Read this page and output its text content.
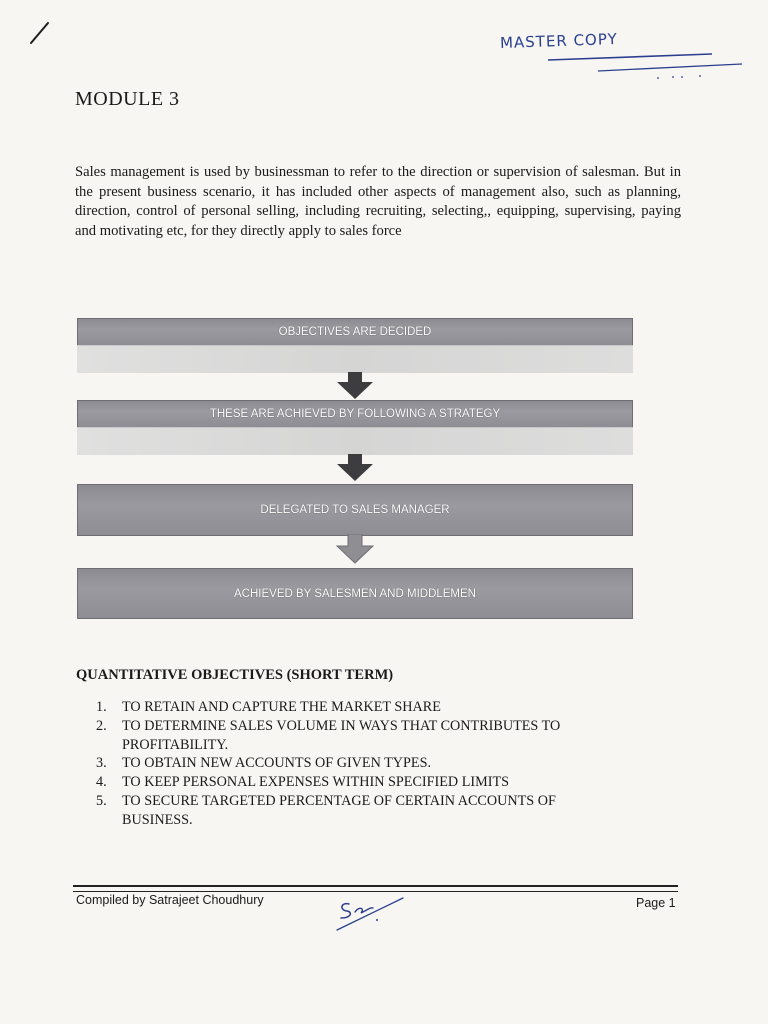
MASTER COPY
MODULE 3

Sales management is used by businessman to refer to the direction or supervision of salesman. But in the present business scenario, it has included other aspects of management also, such as planning, direction, control of personal selling, including recruiting, selecting,, equipping, supervising, paying and motivating etc, for they directly apply to sales force

OBJECTIVES ARE DECIDED
THESE ARE ACHIEVED BY FOLLOWING A STRATEGY
DELEGATED TO SALES MANAGER
ACHIEVED BY SALESMEN AND MIDDLEMEN
QUANTITATIVE OBJECTIVES (SHORT TERM)
1. TO RETAIN AND CAPTURE THE MARKET SHARE
2. TO DETERMINE SALES VOLUME IN WAYS THAT CONTRIBUTES TO
PROFITABILITY.
3. TO OBTAIN NEW ACCOUNTS OF GIVEN TYPES.
4. TO KEEP PERSONAL EXPENSES WITHIN SPECIFIED LIMITS
5. TO SECURE TARGETED PERCENTAGE OF CERTAIN ACCOUNTS OF
BUSINESS.
Compiled by Satrajeet Choudhury	Page 1
